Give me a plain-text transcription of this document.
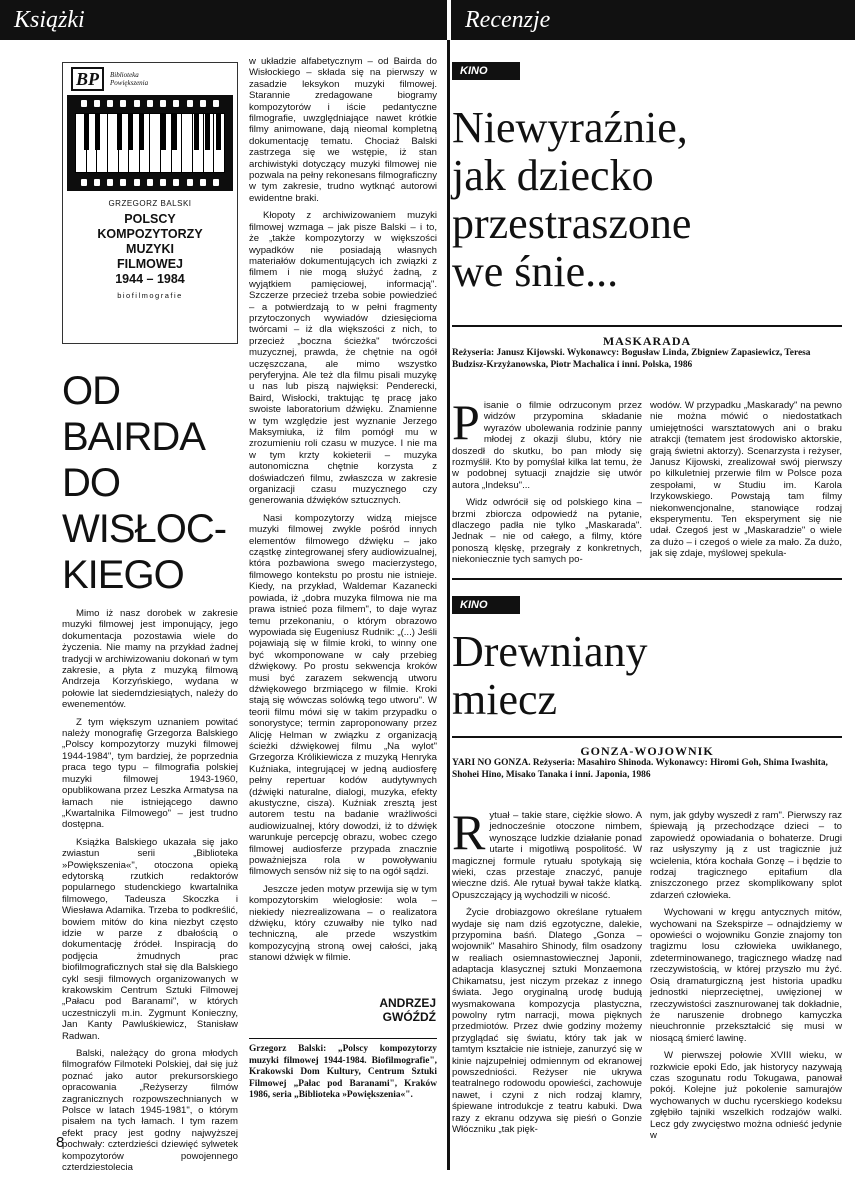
Książki	Recenzje
BP	Biblioteka
Powiększenia
GRZEGORZ BALSKI
POLSCY
KOMPOZYTORZY
MUZYKI
FILMOWEJ
1944 – 1984
biofilmografie
OD
BAIRDA
DO
WISŁOC-
KIEGO

Mimo iż nasz dorobek w zakresie muzyki filmowej jest imponujący, jego dokumentacja pozostawia wiele do życzenia. Nie mamy na przykład żadnej tradycji w archiwizowaniu dokonań w tym zakresie, a płyta z muzyką filmową Andrzeja Korzyńskiego, wydana w połowie lat siedemdziesiątych, należy do ewenementów.

Z tym większym uznaniem powitać należy monografię Grzegorza Balskiego „Polscy kompozytorzy muzyki filmowej 1944-1984", tym bardziej, że poprzednia praca tego typu – filmografia polskiej muzyki filmowej 1943-1960, opublikowana przez Leszka Armatysa na łamach nie istniejącego dawno „Kwartalnika Filmowego" – jest trudno dostępna.

Książka Balskiego ukazała się jako zwiastun serii „Biblioteka »Powiększenia«", otoczona opieką edytorską rzutkich redaktorów popularnego studenckiego kwartalnika filmowego, Tadeusza Skoczka i Wiesława Adamika. Trzeba to podkreślić, bowiem mitów do kina niezbyt często idzie w parze z dbałością o dokumentację źródeł. Inspiracją do podjęcia żmudnych prac biofilmograficznych stał się dla Balskiego cykl sesji filmowych organizowanych w krakowskim Centrum Sztuki Filmowej „Pałacu pod Baranami", w których uczestniczyli m.in. Zygmunt Konieczny, Jan Kanty Pawluśkiewicz, Stanisław Radwan.

Balski, należący do grona młodych filmografów Filmoteki Polskiej, dał się już poznać jako autor prekursorskiego opracowania „Reżyserzy filmów zagranicznych rozpowszechnianych w Polsce w latach 1945-1981", o którym pisałem na tych łamach. I tym razem efekt pracy jest godny najwyższej pochwały: czterdzieści dziewięć sylwetek kompozytorów powojennego czterdziestolecia

w układzie alfabetycznym – od Bairda do Wisłockiego – składa się na pierwszy w zasadzie leksykon muzyki filmowej. Starannie zredagowane biogramy kompozytorów i iście pedantyczne filmografie, uwzględniające nawet krótkie filmy animowane, dają nieomal kompletną dokumentację tematu. Chociaż Balski zastrzega się we wstępie, iż stan archiwistyki dotyczący muzyki filmowej nie pozwala na pełny rekonesans filmograficzny w tym zakresie, trudno wytknąć autorowi ewidentne braki.

Kłopoty z archiwizowaniem muzyki filmowej wzmaga – jak pisze Balski – i to, że „także kompozytorzy w większości wypadków nie posiadają własnych materiałów dokumentujących ich związki z filmem i nie mogą służyć żadną, z wyjątkiem pamięciowej, informacją". Szczerze przecież trzeba sobie powiedzieć – a potwierdzają to w pełni fragmenty przytoczonych wywiadów dziesięcioma twórcami – iż dla większości z nich, to przecież „boczna ścieżka" twórczości muzycznej, prawda, że chętnie na ogół uczęszczana, ale mimo wszystko peryferyjna. Ale też dla filmu pisali muzykę u nas lub piszą najwięksi: Penderecki, Baird, Wisłocki, traktując tę pracę jako swoiste laboratorium dźwięku. Znamienne w tym względzie jest wyznanie Jerzego Maksymiuka, iż film pomógł mu w zrozumieniu roli czasu w muzyce. I nie ma w tym krzty kokieterii – muzyka autonomiczna chętnie korzysta z doświadczeń filmu, zwłaszcza w zakresie organizacji czasu muzycznego czy generowania dźwięków sztucznych.

Nasi kompozytorzy widzą miejsce muzyki filmowej zwykle pośród innych elementów filmowego dźwięku – jako cząstkę zintegrowanej sfery audiowizualnej, która pozbawiona swego macierzystego, filmowego kontekstu po prostu nie istnieje. Kiedy, na przykład, Waldemar Kazanecki powiada, iż „dobra muzyka filmowa nie ma prawa istnieć poza filmem", to daje wyraz temu przekonaniu, o którym obrazowo wypowiada się Eugeniusz Rudnik: „(...) Jeśli pojawiają się w filmie kroki, to winny one być wkomponowane w cały przebieg dźwiękowy. Po prostu sekwencja kroków musi być zarazem sekwencją utworu dźwiękowego brzmiącego w filmie. Kroki stają się wówczas solówką tego utworu". W teorii filmu mówi się w takim przypadku o sonorystyce; termin zaproponowany przez Alicję Helman w związku z organizacją ścieżki dźwiękowej filmu „Na wylot" Grzegorza Królikiewicza z muzyką Henryka Kuźniaka, integrującej w jedną audiosferę pełny repertuar kodów audytywnych (dźwięki naturalne, dialogi, muzyka, efekty akustyczne, cisza). Kuźniak zresztą jest autorem testu na badanie wrażliwości audiowizualnej, który dowodzi, iż to dźwięk warunkuje percepcję obrazu, wobec czego filmowej audiosferze przypada znacznie poważniejsza rola w powoływaniu filmowych sensów niż się to na ogół sądzi.

Jeszcze jeden motyw przewija się w tym kompozytorskim wielogłosie: wola – niekiedy niezrealizowana – o realizatora dźwięku, który czuwałby nie tylko nad techniczną, ale przede wszystkim kompozycyjną stroną owej całości, jaką stanowi dźwięk w filmie.

ANDRZEJ
GWÓŹDŹ
Grzegorz Balski: „Polscy kompozytorzy muzyki filmowej 1944-1984. Biofilmografie", Krakowski Dom Kultury, Centrum Sztuki Filmowej „Pałac pod Baranami", Kraków 1986, seria „Biblioteka »Powiększenia«".
8
KINO
Niewyraźnie,
jak dziecko
przestraszone
we śnie...
MASKARADA
Reżyseria: Janusz Kijowski. Wykonawcy: Bogusław Linda, Zbigniew Zapasiewicz, Teresa Budzisz-Krzyżanowska, Piotr Machalica i inni. Polska, 1986

Pisanie o filmie odrzuconym przez widzów przypomina składanie wyrazów ubolewania rodzinie panny młodej z okazji ślubu, który nie doszedł do skutku, bo pan młody się rozmyślił. Kto by pomyślał kilka lat temu, że w podobnej sytuacji znajdzie się utwór autora „Indeksu"...

Widz odwrócił się od polskiego kina – brzmi zbiorcza odpowiedź na pytanie, dlaczego padła nie tylko „Maskarada". Jednak – nie od całego, a filmy, które ponoszą klęskę, przegrały z konkretnych, niekoniecznie tych samych po-

wodów. W przypadku „Maskarady" na pewno nie można mówić o niedostatkach umiejętności warsztatowych ani o braku atrakcji (tematem jest środowisko aktorskie, grają świetni aktorzy). Scenarzysta i reżyser, Janusz Kijowski, zrealizował swój pierwszy po kilkuletniej przerwie film w Polsce poza zespołami, w Studiu im. Karola Irzykowskiego. Powstają tam filmy niekonwencjonalne, stanowiące rodzaj eksperymentu. Ten eksperyment się nie udał. Czegoś jest w „Maskaradzie" o wiele za dużo – i czegoś o wiele za mało. Za dużo, jak się zdaje, myślowej spekula-

KINO
Drewniany
miecz
GONZA-WOJOWNIK
YARI NO GONZA. Reżyseria: Masahiro Shinoda. Wykonawcy: Hiromi Goh, Shima Iwashita, Shohei Hino, Misako Tanaka i inni. Japonia, 1986

Rytuał – takie stare, ciężkie słowo. A jednocześnie otoczone nimbem, wynoszące ludzkie działanie ponad utarte i migotliwą pospolitość. W magicznej formule rytuału spotykają się wieki, czas przestaje znaczyć, panuje wieczne dziś. Ale rytuał bywał także klatką. Opuszczający ją wychodzili w nicość.

Życie drobiazgowo określane rytuałem wydaje się nam dziś egzotyczne, dalekie, przypomina baśń. Dlatego „Gonza – wojownik" Masahiro Shinody, film osadzony w realiach osiemnastowiecznej Japonii, adaptacja klasycznej sztuki Monzaemona Chikamatsu, jest niczym przekaz z innego świata. Jego oryginalną urodę budują wysmakowana kompozycja plastyczna, powolny rytm narracji, mowa pięknych przedmiotów. Przez dwie godziny możemy przyglądać się światu, który tak jak w tamtym kształcie nie istnieje, zanurzyć się w kinie najzupełniej odmiennym od ekranowej powszedniości. Reżyser nie ukrywa teatralnego rodowodu opowieści, zachowuje nawet, i czyni z nich rodzaj klamry, śpiewane introdukcje z teatru kabuki. Dwa razy z ekranu odzywa się pieśń o Gonzie Włóczniku „tak pięk-

nym, jak gdyby wyszedł z ram". Pierwszy raz śpiewają ją przechodzące dzieci – to zapowiedź opowiadania o bohaterze. Drugi raz usłyszymy ją z ust tragicznie już wcielenia, która kochała Gonzę – i będzie to rodzaj tragicznego epitafium dla zniszczonego przez skomplikowany splot zdarzeń człowieka.

Wychowani w kręgu antycznych mitów, wychowani na Szekspirze – odnajdziemy w opowieści o wojowniku Gonzie znajomy ton tragizmu losu człowieka uwikłanego, zdeterminowanego, tragicznego władzę nad rzeczywistością, w której przyszło mu żyć. Osią dramaturgiczną jest historia upadku jednostki nieprzeciętnej, uwięzionej w rzeczywistości zasznurowanej tak dokładnie, że naruszenie drobnego kamyczka nieuchronnie przekształcić się musi w niosącą śmierć lawinę.

W pierwszej połowie XVIII wieku, w rozkwicie epoki Edo, jak historycy nazywają czas szogunatu rodu Tokugawa, panował pokój. Kolejne już pokolenie samurajów wychowanych w duchu rycerskiego kodeksu zgłębiło tajniki wszelkich rodzajów walki. Lecz gdy zwycięstwo można odnieść jedynie w
